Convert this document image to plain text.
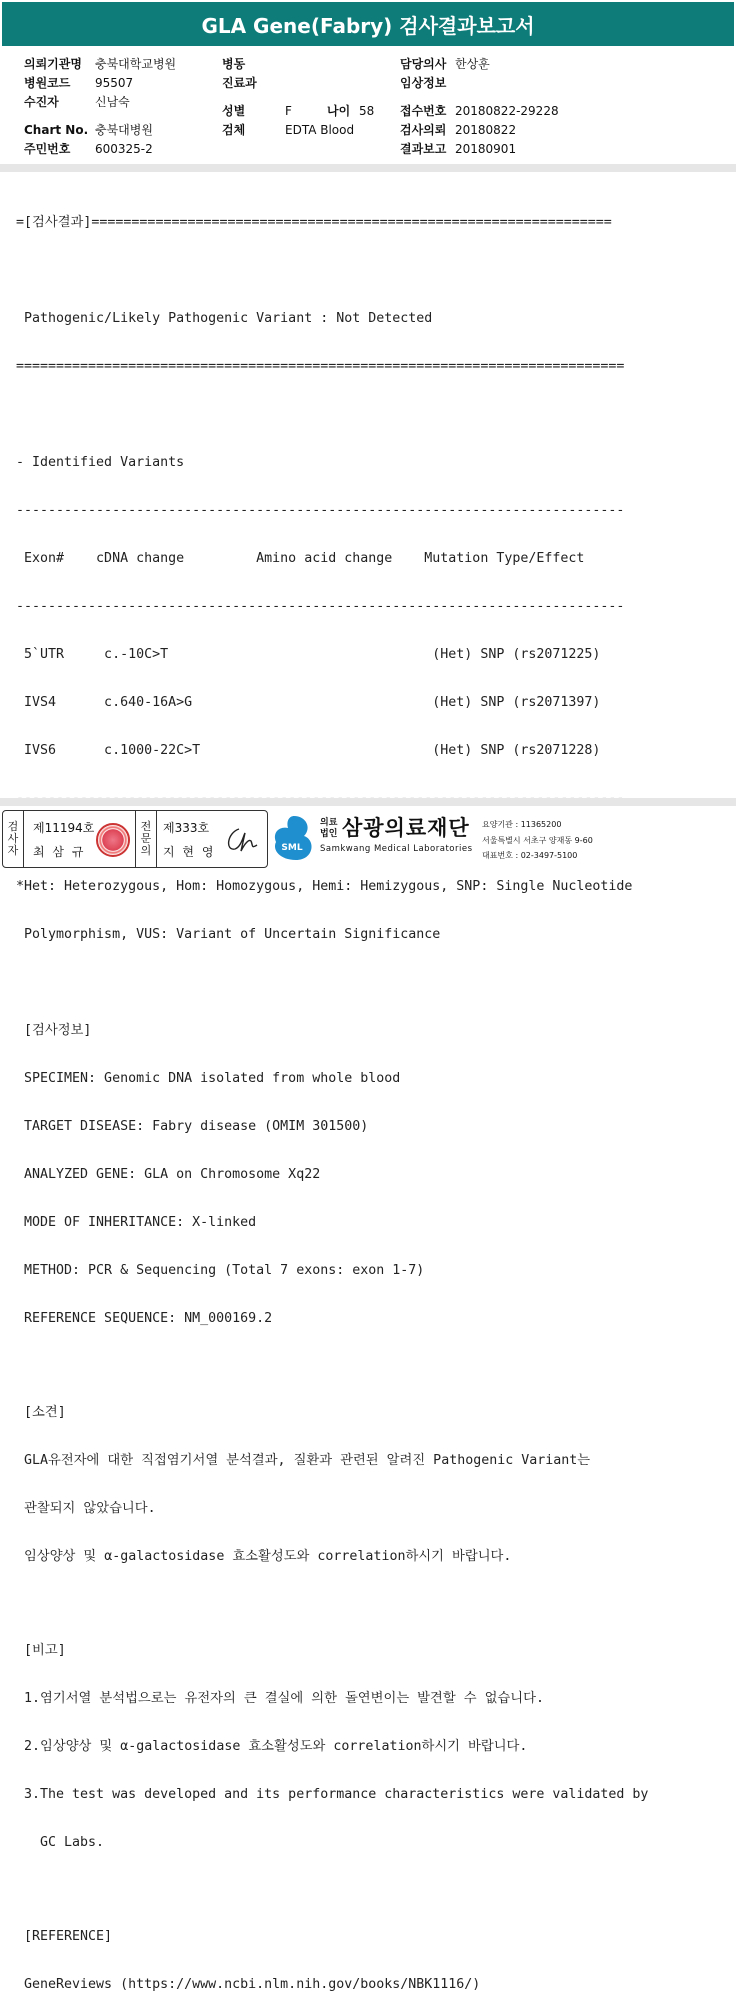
GLA Gene(Fabry) 검사결과보고서
의뢰기관명 충북대학교병원
병원코드 95507
수진자	신남숙
Chart No. 충북대병원
주민번호 600325-2
병동
진료과
성별	F	나이 58
검체	EDTA Blood
담당의사 한상훈
임상정보
접수번호 20180822-29228
검사의뢰 20180822
결과보고 20180901

=[검사결과]=================================================================

Pathogenic/Likely Pathogenic Variant : Not Detected

============================================================================

- Identified Variants

----------------------------------------------------------------------------

Exon#    cDNA change         Amino acid change    Mutation Type/Effect

----------------------------------------------------------------------------

5`UTR     c.-10C>T                                 (Het) SNP (rs2071225)

IVS4      c.640-16A>G                              (Het) SNP (rs2071397)

IVS6      c.1000-22C>T                             (Het) SNP (rs2071228)

*Het: Heterozygous, Hom: Homozygous, Hemi: Hemizygous, SNP: Single Nucleotide

Polymorphism, VUS: Variant of Uncertain Significance

[검사정보]

SPECIMEN: Genomic DNA isolated from whole blood

TARGET DISEASE: Fabry disease (OMIM 301500)

ANALYZED GENE: GLA on Chromosome Xq22

MODE OF INHERITANCE: X-linked

METHOD: PCR & Sequencing (Total 7 exons: exon 1-7)

REFERENCE SEQUENCE: NM_000169.2

[소견]

GLA유전자에 대한 직접염기서열 분석결과, 질환과 관련된 알려진 Pathogenic Variant는

관찰되지 않았습니다.

임상양상 및 α-galactosidase 효소활성도와 correlation하시기 바랍니다.

[비고]

1.염기서열 분석법으로는 유전자의 큰 결실에 의한 돌연변이는 발견할 수 없습니다.

2.임상양상 및 α-galactosidase 효소활성도와 correlation하시기 바랍니다.

3.The test was developed and its performance characteristics were validated by

GC Labs.

[REFERENCE]

GeneReviews (https://www.ncbi.nlm.nih.gov/books/NBK1116/)

검
사
자
제11194호
최 삼 규
전
문
의
제333호
지 현 영	SML
의료
법인 삼광의료재단
Samkwang Medical Laboratories
요양기관 : 11365200
서울특별시 서초구 양재동 9-60
대표번호 : 02-3497-5100
